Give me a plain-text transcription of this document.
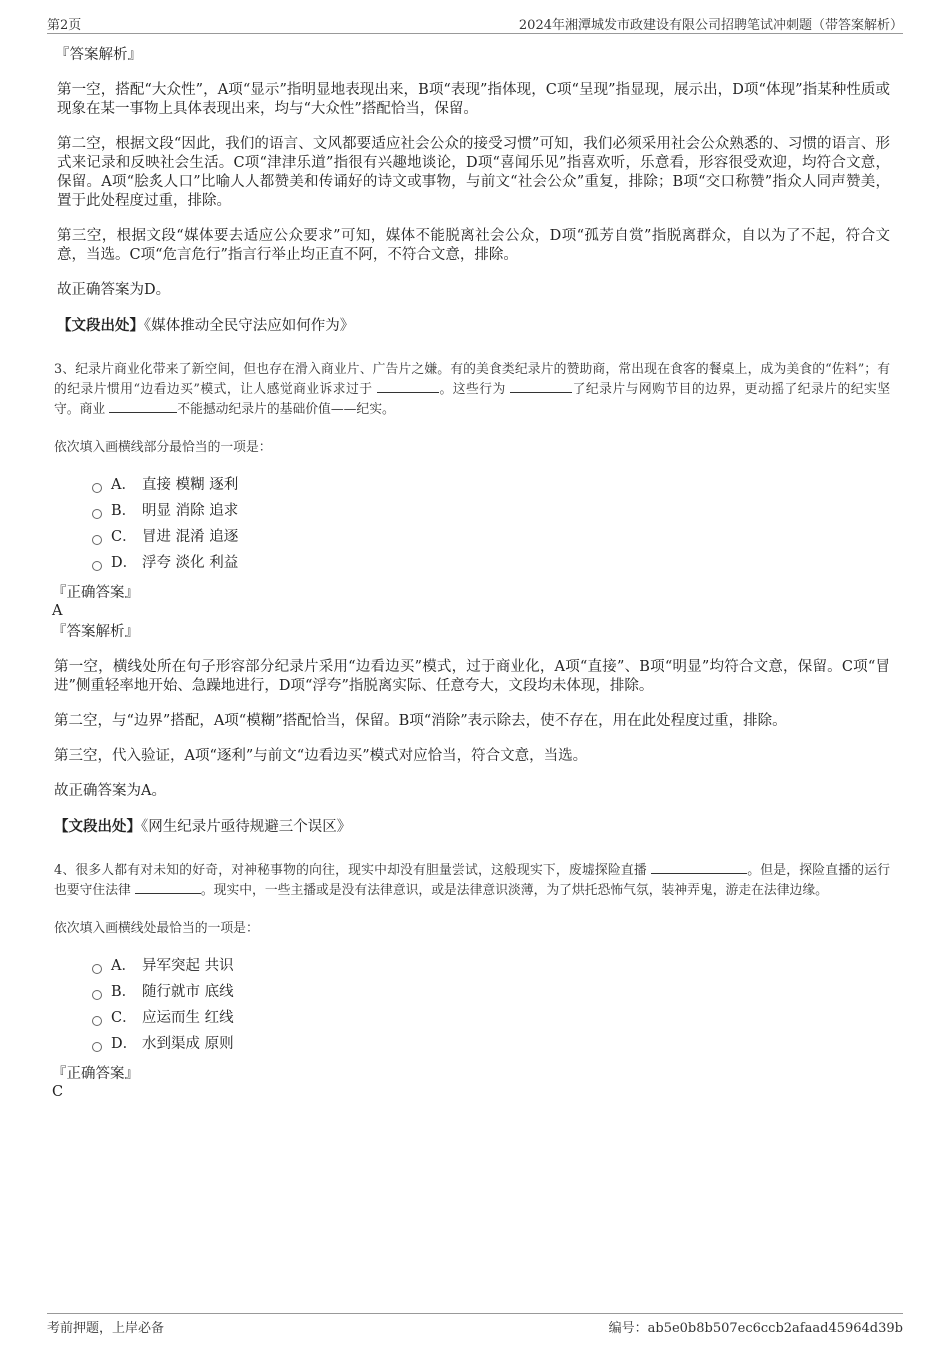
第2页	2024年湘潭城发市政建设有限公司招聘笔试冲刺题（带答案解析）
『答案解析』

第一空，搭配“大众性”，A项“显示”指明显地表现出来，B项“表现”指体现，C项“呈现”指显现，展示出，D项“体现”指某种性质或现象在某一事物上具体表现出来，均与“大众性”搭配恰当，保留。

第二空，根据文段“因此，我们的语言、文风都要适应社会公众的接受习惯”可知，我们必须采用社会公众熟悉的、习惯的语言、形式来记录和反映社会生活。C项“津津乐道”指很有兴趣地谈论，D项“喜闻乐见”指喜欢听，乐意看，形容很受欢迎，均符合文意，保留。A项“脍炙人口”比喻人人都赞美和传诵好的诗文或事物，与前文“社会公众”重复，排除；B项“交口称赞”指众人同声赞美，置于此处程度过重，排除。

第三空，根据文段“媒体要去适应公众要求”可知，媒体不能脱离社会公众，D项“孤芳自赏”指脱离群众，自以为了不起，符合文意，当选。C项“危言危行”指言行举止均正直不阿，不符合文意，排除。

故正确答案为D。

【文段出处】《媒体推动全民守法应如何作为》

3、纪录片商业化带来了新空间，但也存在滑入商业片、广告片之嫌。有的美食类纪录片的赞助商，常出现在食客的餐桌上，成为美食的“佐料”；有的纪录片惯用“边看边买”模式，让人感觉商业诉求过于	。这些行为	了纪录片与网购节目的边界，更动摇了纪录片的纪实坚守。商业	不能撼动纪录片的基础价值——纪实。

依次填入画横线部分最恰当的一项是：

A． 直接 模糊 逐利
B． 明显 消除 追求
C． 冒进 混淆 追逐
D． 浮夸 淡化 利益
『正确答案』
A
『答案解析』

第一空，横线处所在句子形容部分纪录片采用“边看边买”模式，过于商业化，A项“直接”、B项“明显”均符合文意，保留。C项“冒进”侧重轻率地开始、急躁地进行，D项“浮夸”指脱离实际、任意夸大，文段均未体现，排除。

第二空，与“边界”搭配，A项“模糊”搭配恰当，保留。B项“消除”表示除去，使不存在，用在此处程度过重，排除。

第三空，代入验证，A项“逐利”与前文“边看边买”模式对应恰当，符合文意，当选。

故正确答案为A。

【文段出处】《网生纪录片亟待规避三个误区》

4、很多人都有对未知的好奇，对神秘事物的向往，现实中却没有胆量尝试，这般现实下，废墟探险直播	。但是，探险直播的运行也要守住法律	。现实中，一些主播或是没有法律意识，或是法律意识淡薄，为了烘托恐怖气氛，装神弄鬼，游走在法律边缘。

依次填入画横线处最恰当的一项是：

A． 异军突起 共识
B． 随行就市 底线
C． 应运而生 红线
D． 水到渠成 原则
『正确答案』
C
考前押题，上岸必备	编号：ab5e0b8b507ec6ccb2afaad45964d39b
